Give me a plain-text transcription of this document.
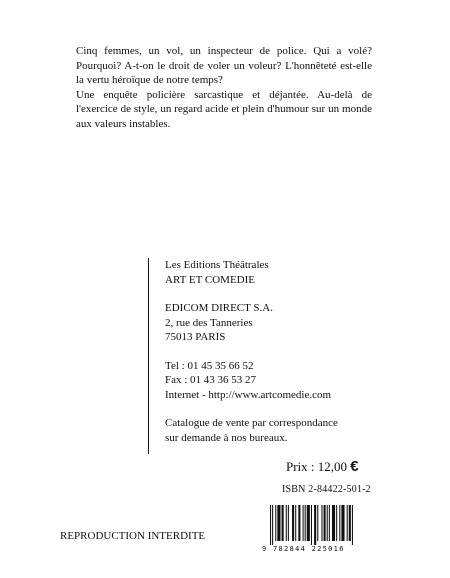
Cinq femmes, un vol, un inspecteur de police. Qui a volé? Pourquoi? A-t-on le droit de voler un voleur? L'honnêteté est-elle la vertu héroïque de notre temps?

Une enquête policière sarcastique et déjantée. Au-delà de l'exercice de style, un regard acide et plein d'humour sur un monde aux valeurs instables.

Les Editions Théâtrales
ART ET COMEDIE
EDICOM DIRECT S.A.
2, rue des Tanneries
75013 PARIS
Tel : 01 45 35 66 52
Fax : 01 43 36 53 27
Internet - http://www.artcomedie.com
Catalogue de vente par correspondance
sur demande à nos bureaux.
Prix : 12,00 €
ISBN 2-84422-501-2
REPRODUCTION INTERDITE
9 782844 225016
